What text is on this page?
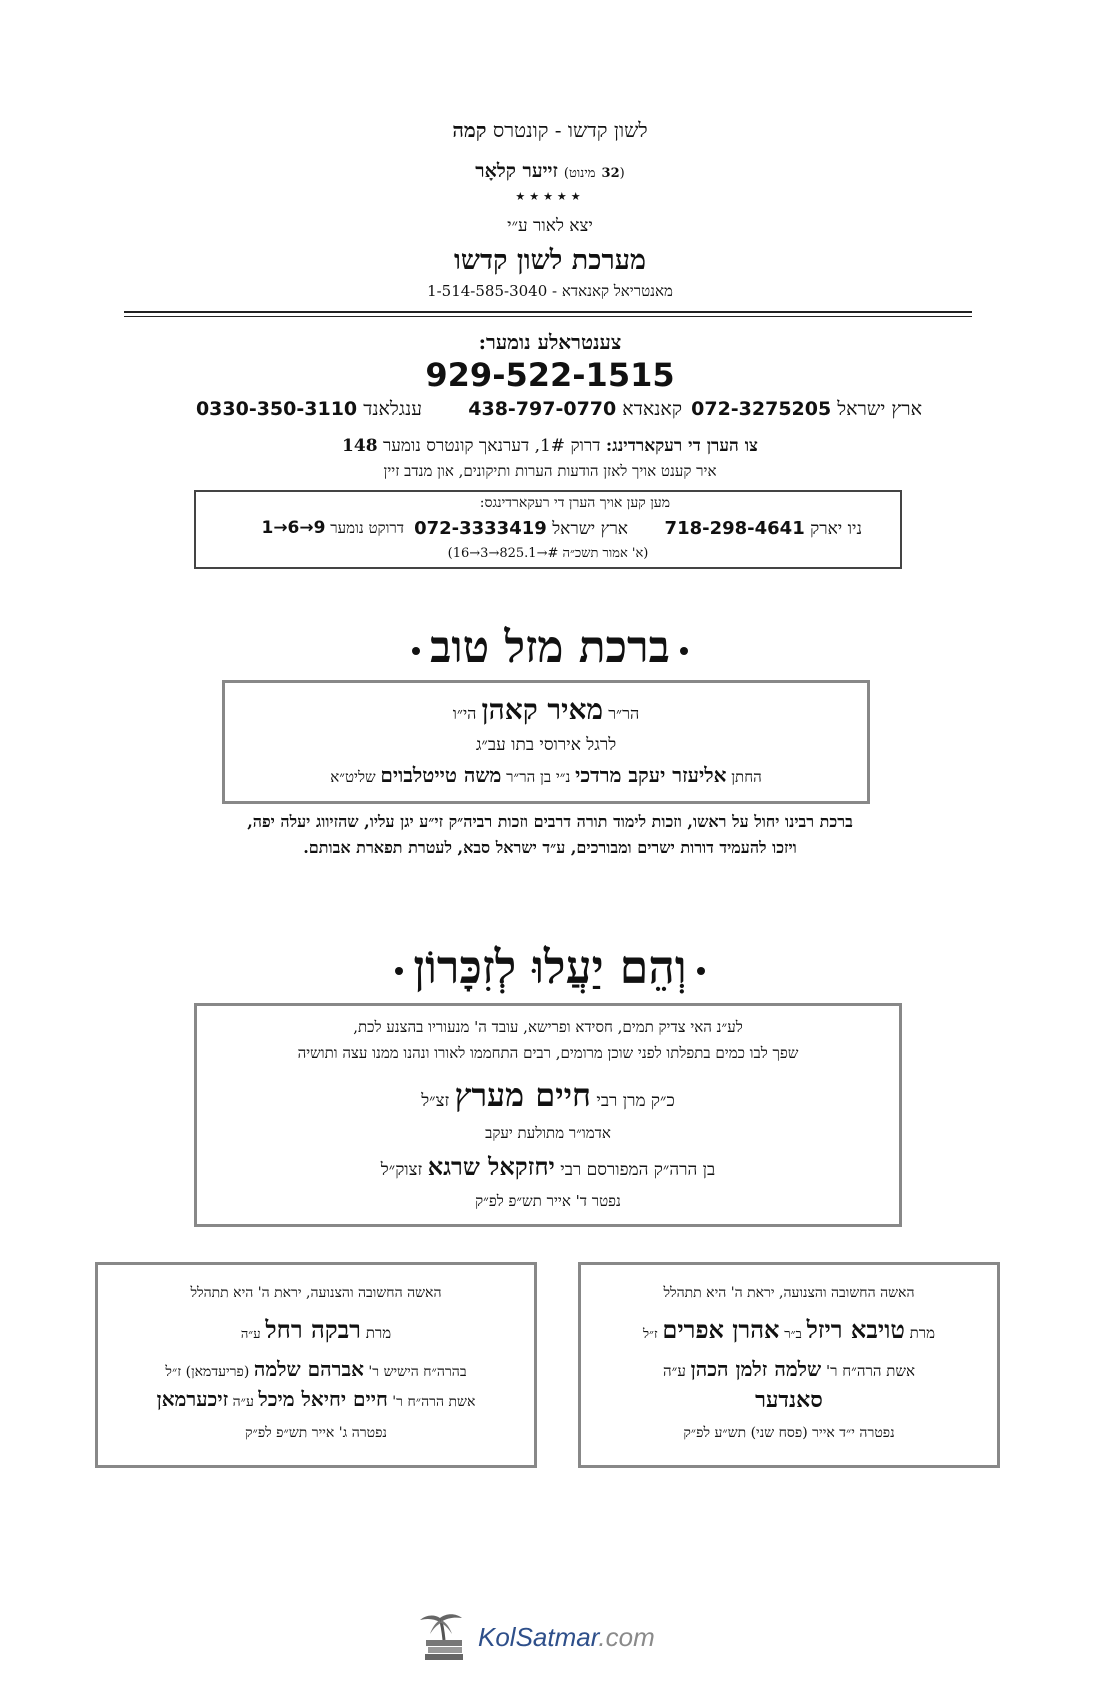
לשון קדשו - קונטרס קמה
(32 מינוט) זייער קלאָר
★★★★★
יצא לאור ע״י
מערכת לשון קדשו
מאנטריאל קאנאדא - 1-514-585-3040
צענטראלע נומער:
929-522-1515
ארץ ישראל 072-3275205
קאנאדא 438-797-0770
ענגלאנד 0330-350-3110
צו הערן די רעקארדינג: דרוק 1#, דערנאך קונטרס נומער 148
איר קענט אויך לאזן הודעות הערות ותיקונים, און מנדב זיין
מען קען אויך הערן די רעקארדינגס:
ניו יארק 718-298-4641
ארץ ישראל 072-3333419
דרוקט נומער 1→6→9
(א' אמור תשכ״ה #→825.1→3→16)
ברכת מזל טוב
הר״ר מאיר קאהן הי״ו
לרגל אירוסי בתו עב״ג
החתן אליעזר יעקב מרדכי נ״י בן הר״ר משה טייטלבוים שליט״א
ברכת רבינו יחול על ראשו, וזכות לימוד תורה דרבים וזכות רביה״ק זי״ע יגן עליו, שהזיווג יעלה יפה,
ויזכו להעמיד דורות ישרים ומבורכים, ע״ד ישראל סבא, לעטרת תפארת אבותם.
וְהֵם יַעֲלוּ לְזִכָּרוֹן
לע״נ האי צדיק תמים, חסידא ופרישא, עובד ה' מנעוריו בהצנע לכת,
שפך לבו כמים בתפלתו לפני שוכן מרומים, רבים התחממו לאורו ונהנו ממנו עצה ותושיה
כ״ק מרן רבי חיים מערץ זצ״ל
אדמו״ר מתולעת יעקב
בן הרה״ק המפורסם רבי יחזקאל שרגא זצוק״ל
נפטר ד' אייר תש״פ לפ״ק
האשה החשובה והצנועה, יראת ה' היא תתהלל
מרת טויבא ריזל ב״ר אהרן אפרים ז״ל
אשת הרה״ח ר' שלמה זלמן הכהן ע״ה
סאנדער
נפטרה י״ד אייר (פסח שני) תש״ע לפ״ק
האשה החשובה והצנועה, יראת ה' היא תתהלל
מרת רבקה רחל ע״ה
בהרה״ח הישיש ר' אברהם שלמה (פריעדמאן) ז״ל
אשת הרה״ח ר' חיים יחיאל מיכל ע״ה זיכערמאן
נפטרה ג' אייר תש״פ לפ״ק
KolSatmar.com
